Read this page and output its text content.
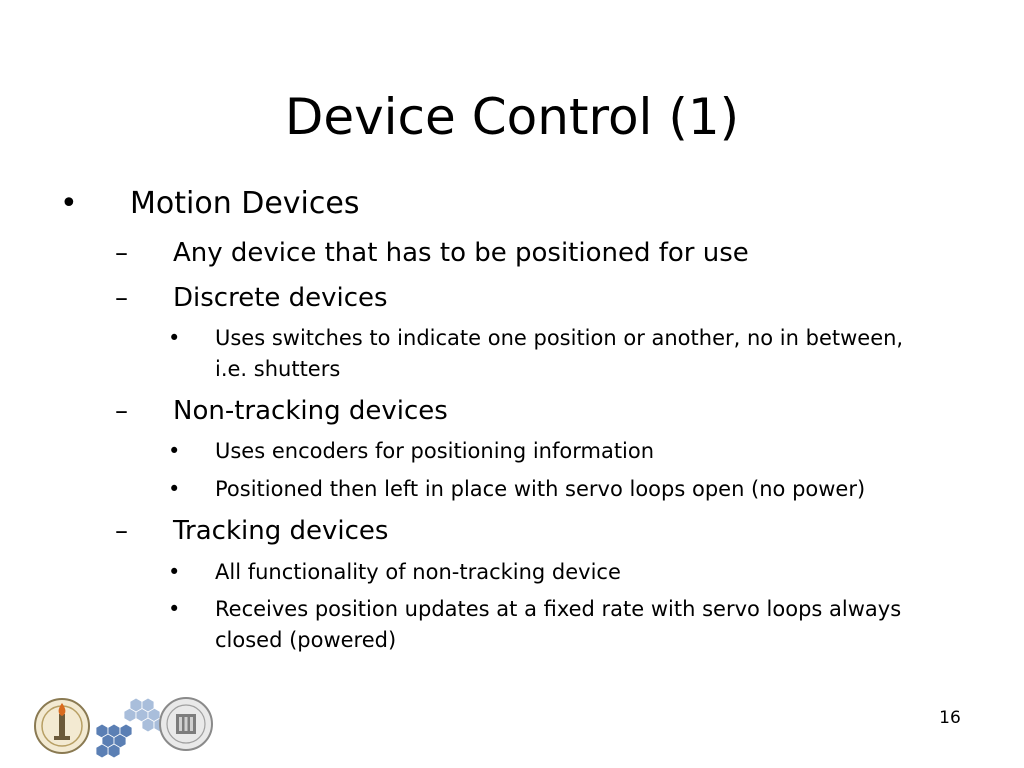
Device Control (1)
• Motion Devices
– Any device that has to be positioned for use
– Discrete devices
• Uses switches to indicate one position or another, no in between, i.e. shutters
– Non-tracking devices
• Uses encoders for positioning information
• Positioned then left in place with servo loops open (no power)
– Tracking devices
• All functionality of non-tracking device
• Receives position updates at a fixed rate with servo loops always closed (powered)
16
